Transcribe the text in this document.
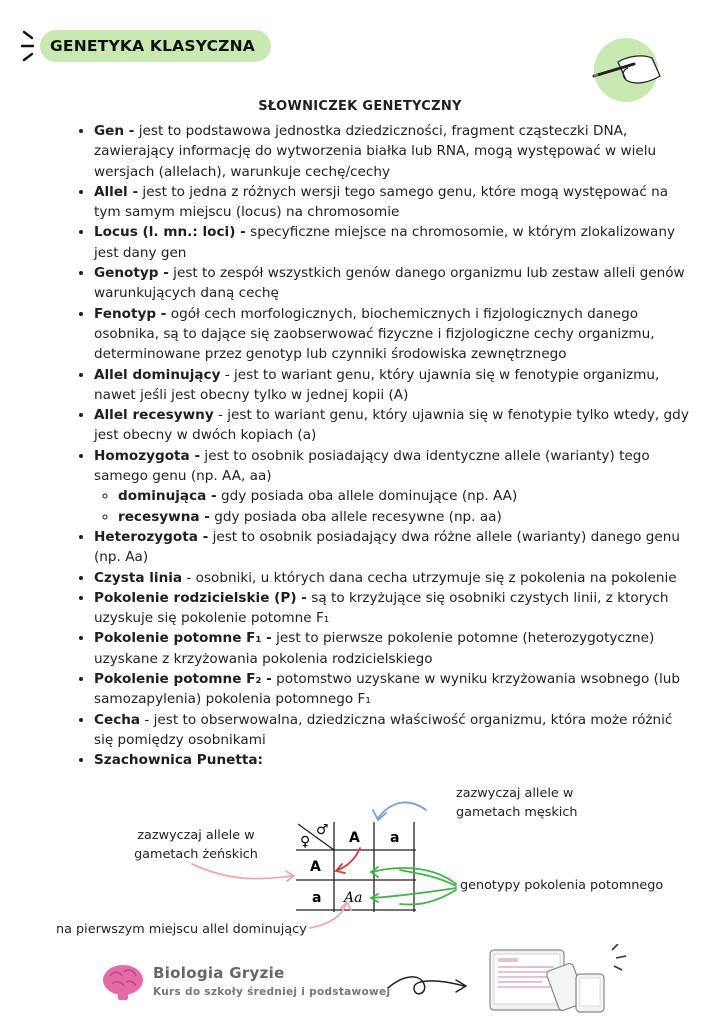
GENETYKA KLASYCZNA
SŁOWNICZEK GENETYCZNY
• Gen - jest to podstawowa jednostka dziedziczności, fragment cząsteczki DNA, zawierający informację do wytworzenia białka lub RNA, mogą występować w wielu wersjach (allelach), warunkuje cechę/cechy
• Allel - jest to jedna z różnych wersji tego samego genu, które mogą występować na tym samym miejscu (locus) na chromosomie
• Locus (l. mn.: loci) - specyficzne miejsce na chromosomie, w którym zlokalizowany jest dany gen
• Genotyp - jest to zespół wszystkich genów danego organizmu lub zestaw alleli genów warunkujących daną cechę
• Fenotyp - ogół cech morfologicznych, biochemicznych i fizjologicznych danego osobnika, są to dające się zaobserwować fizyczne i fizjologiczne cechy organizmu, determinowane przez genotyp lub czynniki środowiska zewnętrznego
• Allel dominujący - jest to wariant genu, który ujawnia się w fenotypie organizmu, nawet jeśli jest obecny tylko w jednej kopii (A)
• Allel recesywny - jest to wariant genu, który ujawnia się w fenotypie tylko wtedy, gdy jest obecny w dwóch kopiach (a)
• Homozygota - jest to osobnik posiadający dwa identyczne allele (warianty) tego samego genu (np. AA, aa)
◦ dominująca - gdy posiada oba allele dominujące (np. AA)
◦ recesywna - gdy posiada oba allele recesywne (np. aa)
• Heterozygota - jest to osobnik posiadający dwa różne allele (warianty) danego genu (np. Aa)
• Czysta linia - osobniki, u których dana cecha utrzymuje się z pokolenia na pokolenie
• Pokolenie rodzicielskie (P) - są to krzyżujące się osobniki czystych linii, z ktorych uzyskuje się pokolenie potomne F₁
• Pokolenie potomne F₁ - jest to pierwsze pokolenie potomne (heterozygotyczne) uzyskane z krzyżowania pokolenia rodzicielskiego
• Pokolenie potomne F₂ - potomstwo uzyskane w wyniku krzyżowania wsobnego (lub samozapylenia) pokolenia potomnego F₁
• Cecha - jest to obserwowalna, dziedziczna właściwość organizmu, która może różnić się pomiędzy osobnikami
• Szachownica Punetta:
zazwyczaj allele w gametach męskich
zazwyczaj allele w gametach żeńskich
genotypy pokolenia potomnego
na pierwszym miejscu allel dominujący
♀
♂ A a
A
a Aa
Biologia Gryzie
Kurs do szkoły średniej i podstawowej
